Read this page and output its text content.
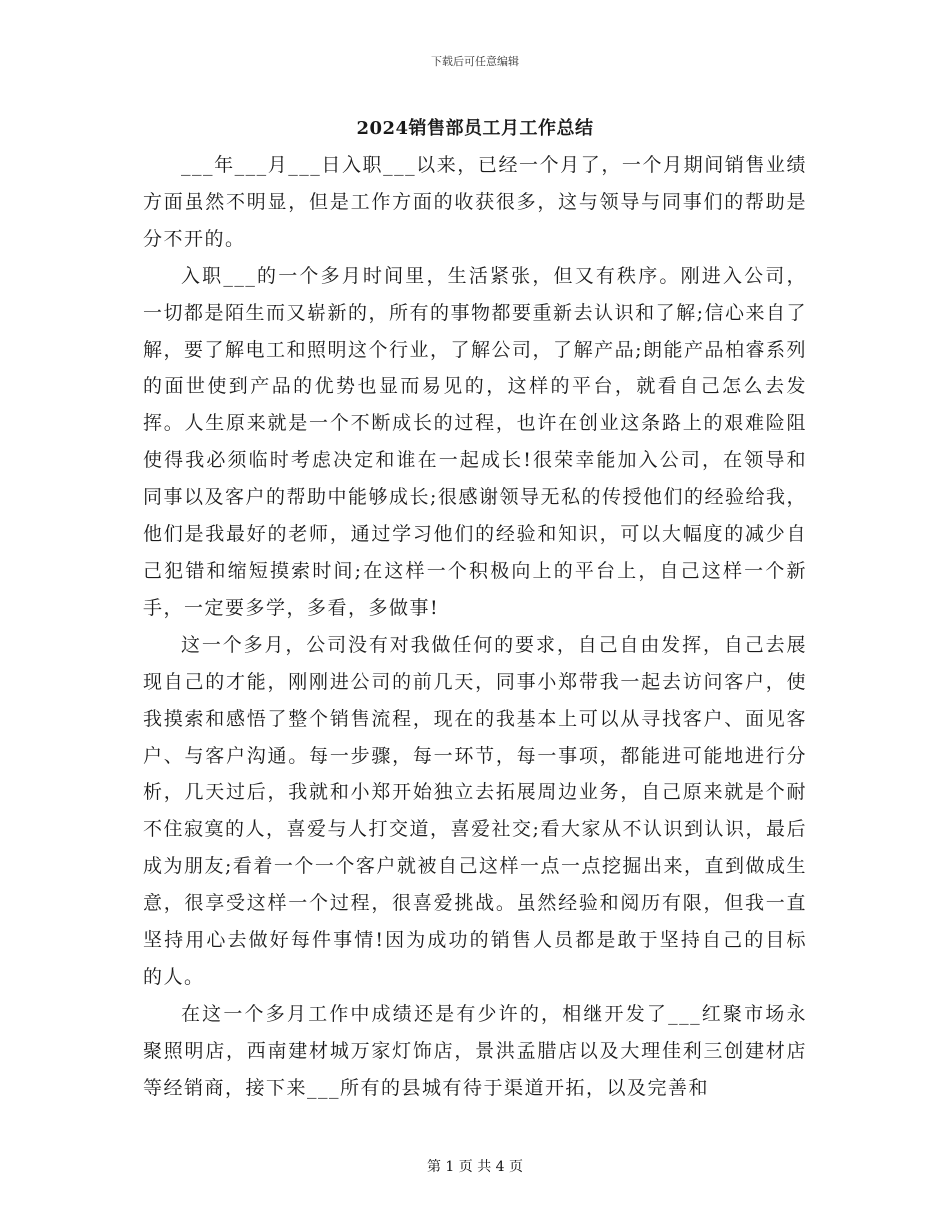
下载后可任意编辑
2024销售部员工月工作总结

___年___月___日入职___以来，已经一个月了，一个月期间销售业绩方面虽然不明显，但是工作方面的收获很多，这与领导与同事们的帮助是分不开的。

入职___的一个多月时间里，生活紧张，但又有秩序。刚进入公司，一切都是陌生而又崭新的，所有的事物都要重新去认识和了解;信心来自了解，要了解电工和照明这个行业，了解公司，了解产品;朗能产品柏睿系列的面世使到产品的优势也显而易见的，这样的平台，就看自己怎么去发挥。人生原来就是一个不断成长的过程，也许在创业这条路上的艰难险阻使得我必须临时考虑决定和谁在一起成长!很荣幸能加入公司，在领导和同事以及客户的帮助中能够成长;很感谢领导无私的传授他们的经验给我，他们是我最好的老师，通过学习他们的经验和知识，可以大幅度的减少自己犯错和缩短摸索时间;在这样一个积极向上的平台上，自己这样一个新手，一定要多学，多看，多做事!

这一个多月，公司没有对我做任何的要求，自己自由发挥，自己去展现自己的才能，刚刚进公司的前几天，同事小郑带我一起去访问客户，使我摸索和感悟了整个销售流程，现在的我基本上可以从寻找客户、面见客户、与客户沟通。每一步骤，每一环节，每一事项，都能进可能地进行分析，几天过后，我就和小郑开始独立去拓展周边业务，自己原来就是个耐不住寂寞的人，喜爱与人打交道，喜爱社交;看大家从不认识到认识，最后成为朋友;看着一个一个客户就被自己这样一点一点挖掘出来，直到做成生意，很享受这样一个过程，很喜爱挑战。虽然经验和阅历有限，但我一直坚持用心去做好每件事情!因为成功的销售人员都是敢于坚持自己的目标的人。

在这一个多月工作中成绩还是有少许的，相继开发了___红聚市场永聚照明店，西南建材城万家灯饰店，景洪孟腊店以及大理佳利三创建材店等经销商，接下来___所有的县城有待于渠道开拓，以及完善和

第 1 页 共 4 页
